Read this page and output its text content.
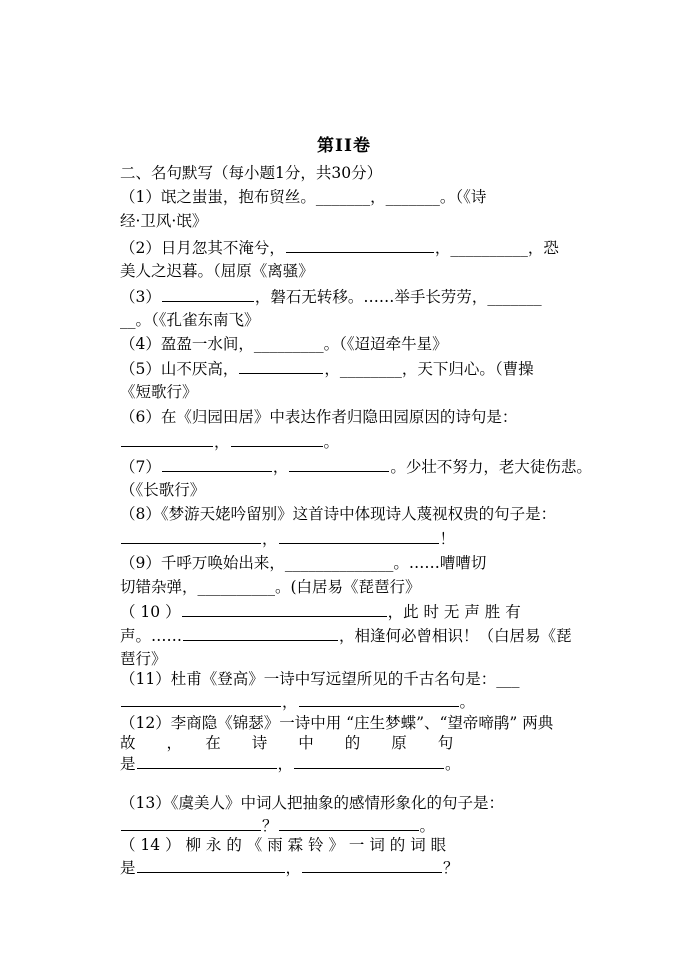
第II卷
二、名句默写（每小题1分，共30分）
（1）氓之蚩蚩，抱布贸丝。_______，_______。（《诗
经·卫风·氓》
（2）日月忽其不淹兮，	，__________，恐
美人之迟暮。（屈原《离骚》
（3）	，磐石无转移。……举手长劳劳，_______
__。（《孔雀东南飞》
（4）盈盈一水间，_________。（《迢迢牵牛星》
（5）山不厌高，	，________，天下归心。（曹操
《短歌行》
（6）在《归园田居》中表达作者归隐田园原因的诗句是：
，	。
（7）	，	。少壮不努力，老大徒伤悲。
（《长歌行》
（8）《梦游天姥吟留别》这首诗中体现诗人蔑视权贵的句子是：
，	！
（9）千呼万唤始出来，______________。……嘈嘈切
切错杂弹，__________。(白居易《琵琶行》
（ 10 ）	，此 时 无 声 胜 有
声。……	，相逢何必曾相识！（白居易《琵
琶行》
（11）杜甫《登高》一诗中写远望所见的千古名句是：___
，	。
（12）李商隐《锦瑟》一诗中用 “庄生梦蝶”、“望帝啼鹃” 两典
故　　，　　在　　诗　　中　　的　　原　　句
是	，	。
（13）《虞美人》中词人把抽象的感情形象化的句子是：
？	。
（ 14 ） 柳 永 的 《 雨 霖 铃 》 一 词 的 词 眼
是	，	？
